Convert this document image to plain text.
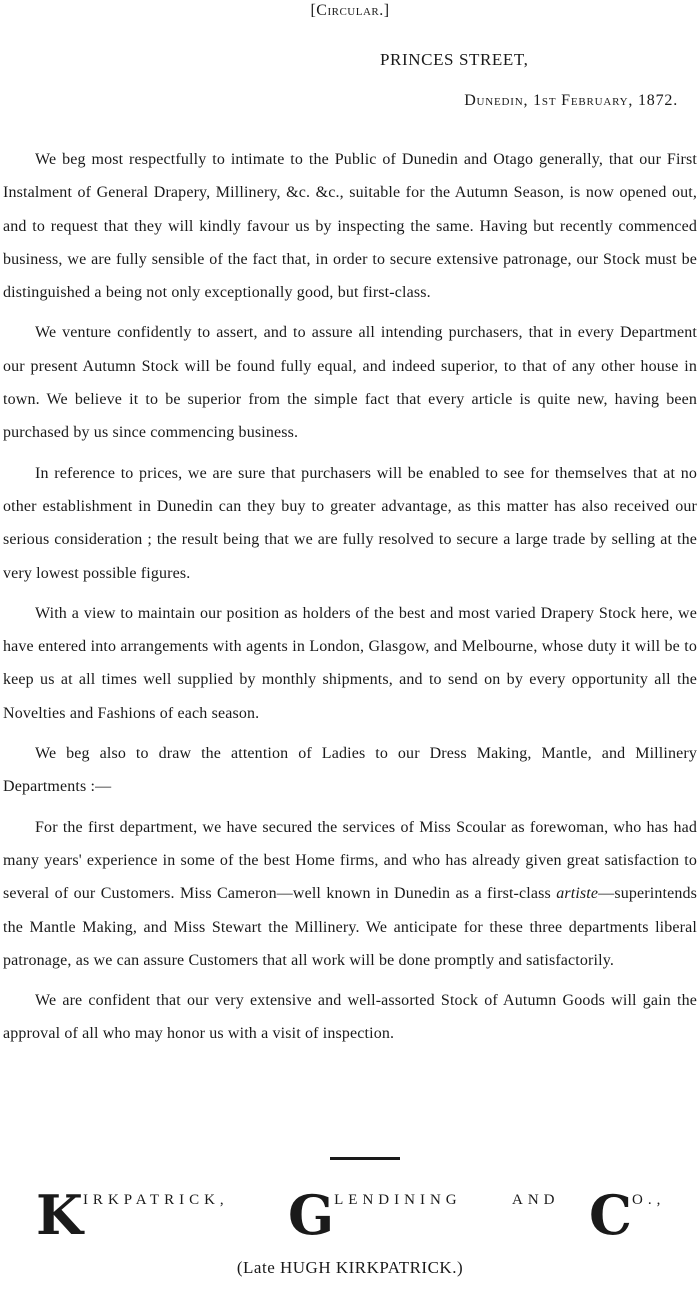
[Circular.]
PRINCES STREET,
Dunedin, 1st February, 1872.

We beg most respectfully to intimate to the Public of Dunedin and Otago generally, that our First Instalment of General Drapery, Millinery, &c. &c., suitable for the Autumn Season, is now opened out, and to request that they will kindly favour us by inspecting the same. Having but recently commenced business, we are fully sensible of the fact that, in order to secure extensive patronage, our Stock must be distinguished a being not only exceptionally good, but first-class.

We venture confidently to assert, and to assure all intending purchasers, that in every Department our present Autumn Stock will be found fully equal, and indeed superior, to that of any other house in town. We believe it to be superior from the simple fact that every article is quite new, having been purchased by us since commencing business.

In reference to prices, we are sure that purchasers will be enabled to see for themselves that at no other establishment in Dunedin can they buy to greater advantage, as this matter has also received our serious consideration ; the result being that we are fully resolved to secure a large trade by selling at the very lowest possible figures.

With a view to maintain our position as holders of the best and most varied Drapery Stock here, we have entered into arrangements with agents in London, Glasgow, and Melbourne, whose duty it will be to keep us at all times well supplied by monthly shipments, and to send on by every opportunity all the Novelties and Fashions of each season.

We beg also to draw the attention of Ladies to our Dress Making, Mantle, and Millinery Departments :—

For the first department, we have secured the services of Miss Scoular as forewoman, who has had many years' experience in some of the best Home firms, and who has already given great satisfaction to several of our Customers. Miss Cameron—well known in Dunedin as a first-class artiste—superintends the Mantle Making, and Miss Stewart the Millinery. We anticipate for these three departments liberal patronage, as we can assure Customers that all work will be done promptly and satisfactorily.

We are confident that our very extensive and well-assorted Stock of Autumn Goods will gain the approval of all who may honor us with a visit of inspection.

KIRKPATRICK, GLENDINING	AND CO.,
(Late HUGH KIRKPATRICK.)
